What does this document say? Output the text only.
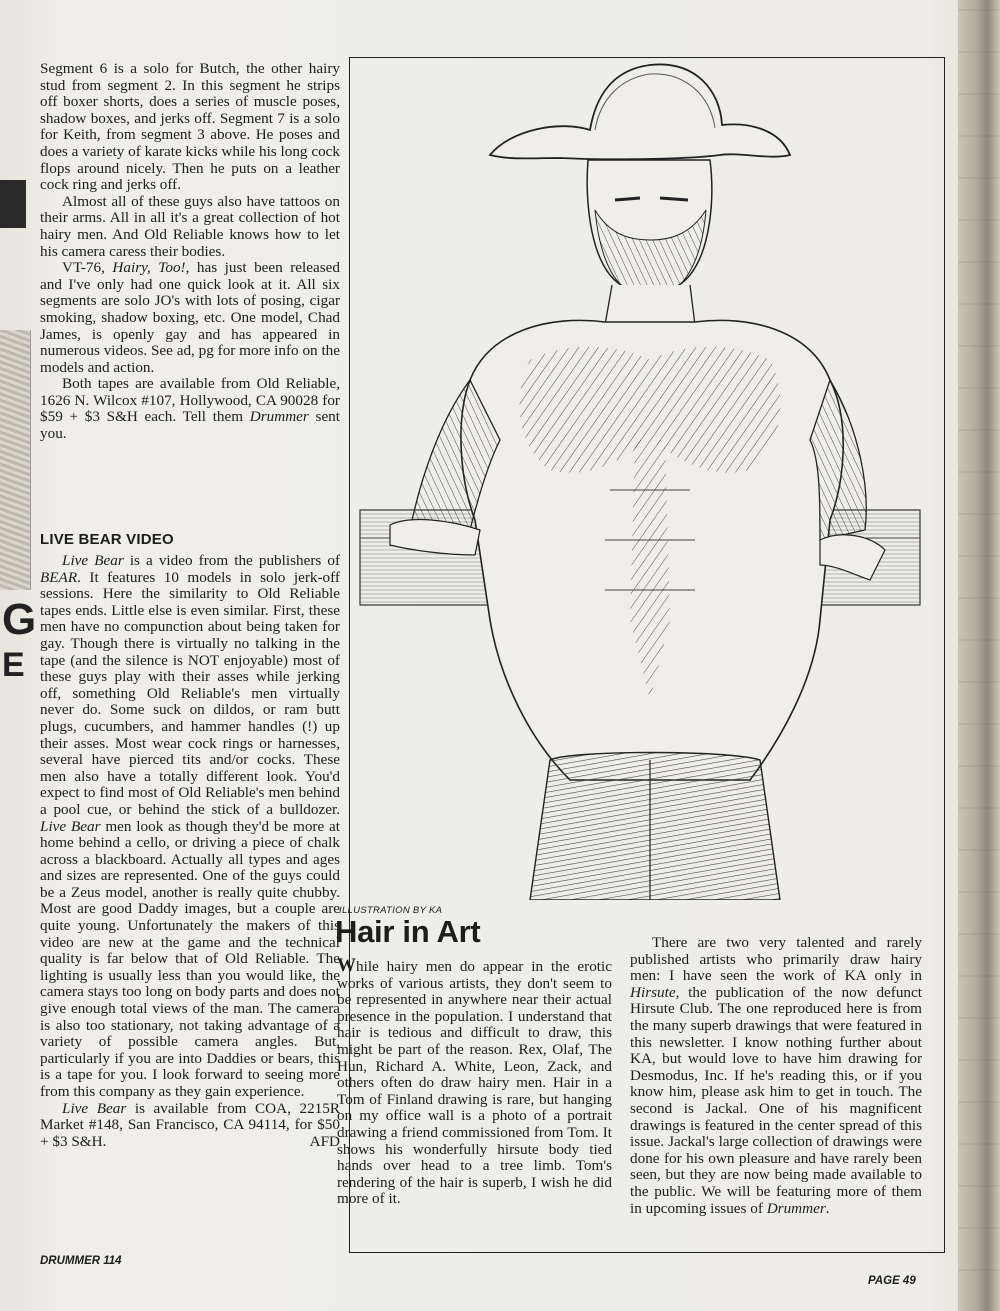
G
E

Segment 6 is a solo for Butch, the other hairy stud from segment 2. In this segment he strips off boxer shorts, does a series of muscle poses, shadow boxes, and jerks off. Segment 7 is a solo for Keith, from segment 3 above. He poses and does a variety of karate kicks while his long cock flops around nicely. Then he puts on a leather cock ring and jerks off.

Almost all of these guys also have tattoos on their arms. All in all it's a great collection of hot hairy men. And Old Reliable knows how to let his camera caress their bodies.

VT-76, Hairy, Too!, has just been released and I've only had one quick look at it. All six segments are solo JO's with lots of posing, cigar smoking, shadow boxing, etc. One model, Chad James, is openly gay and has appeared in numerous videos. See ad, pg for more info on the models and action.

Both tapes are available from Old Reliable, 1626 N. Wilcox #107, Hollywood, CA 90028 for $59 + $3 S&H each. Tell them Drummer sent you.

LIVE BEAR VIDEO

Live Bear is a video from the publishers of BEAR. It features 10 models in solo jerk-off sessions. Here the similarity to Old Reliable tapes ends. Little else is even similar. First, these men have no compunction about being taken for gay. Though there is virtually no talking in the tape (and the silence is NOT enjoyable) most of these guys play with their asses while jerking off, something Old Reliable's men virtually never do. Some suck on dildos, or ram butt plugs, cucumbers, and hammer handles (!) up their asses. Most wear cock rings or harnesses, several have pierced tits and/or cocks. These men also have a totally different look. You'd expect to find most of Old Reliable's men behind a pool cue, or behind the stick of a bulldozer. Live Bear men look as though they'd be more at home behind a cello, or driving a piece of chalk across a blackboard. Actually all types and ages and sizes are represented. One of the guys could be a Zeus model, another is really quite chubby. Most are good Daddy images, but a couple are quite young. Unfortunately the makers of this video are new at the game and the technical quality is far below that of Old Reliable. The lighting is usually less than you would like, the camera stays too long on body parts and does not give enough total views of the man. The camera is also too stationary, not taking advantage of a variety of possible camera angles. But, particularly if you are into Daddies or bears, this is a tape for you. I look forward to seeing more from this company as they gain experience.

Live Bear is available from COA, 2215R Market #148, San Francisco, CA 94114, for $50 + $3 S&H.	AFD

ILLUSTRATION BY KA
Hair in Art

While hairy men do appear in the erotic works of various artists, they don't seem to be represented in anywhere near their actual presence in the population. I understand that hair is tedious and difficult to draw, this might be part of the reason. Rex, Olaf, The Hun, Richard A. White, Leon, Zack, and others often do draw hairy men. Hair in a Tom of Finland drawing is rare, but hanging on my office wall is a photo of a portrait drawing a friend commissioned from Tom. It shows his wonderfully hirsute body tied hands over head to a tree limb. Tom's rendering of the hair is superb, I wish he did more of it.

There are two very talented and rarely published artists who primarily draw hairy men: I have seen the work of KA only in Hirsute, the publication of the now defunct Hirsute Club. The one reproduced here is from the many superb drawings that were featured in this newsletter. I know nothing further about KA, but would love to have him drawing for Desmodus, Inc. If he's reading this, or if you know him, please ask him to get in touch. The second is Jackal. One of his magnificent drawings is featured in the center spread of this issue. Jackal's large collection of drawings were done for his own pleasure and have rarely been seen, but they are now being made available to the public. We will be featuring more of them in upcoming issues of Drummer.

DRUMMER 114
PAGE 49
